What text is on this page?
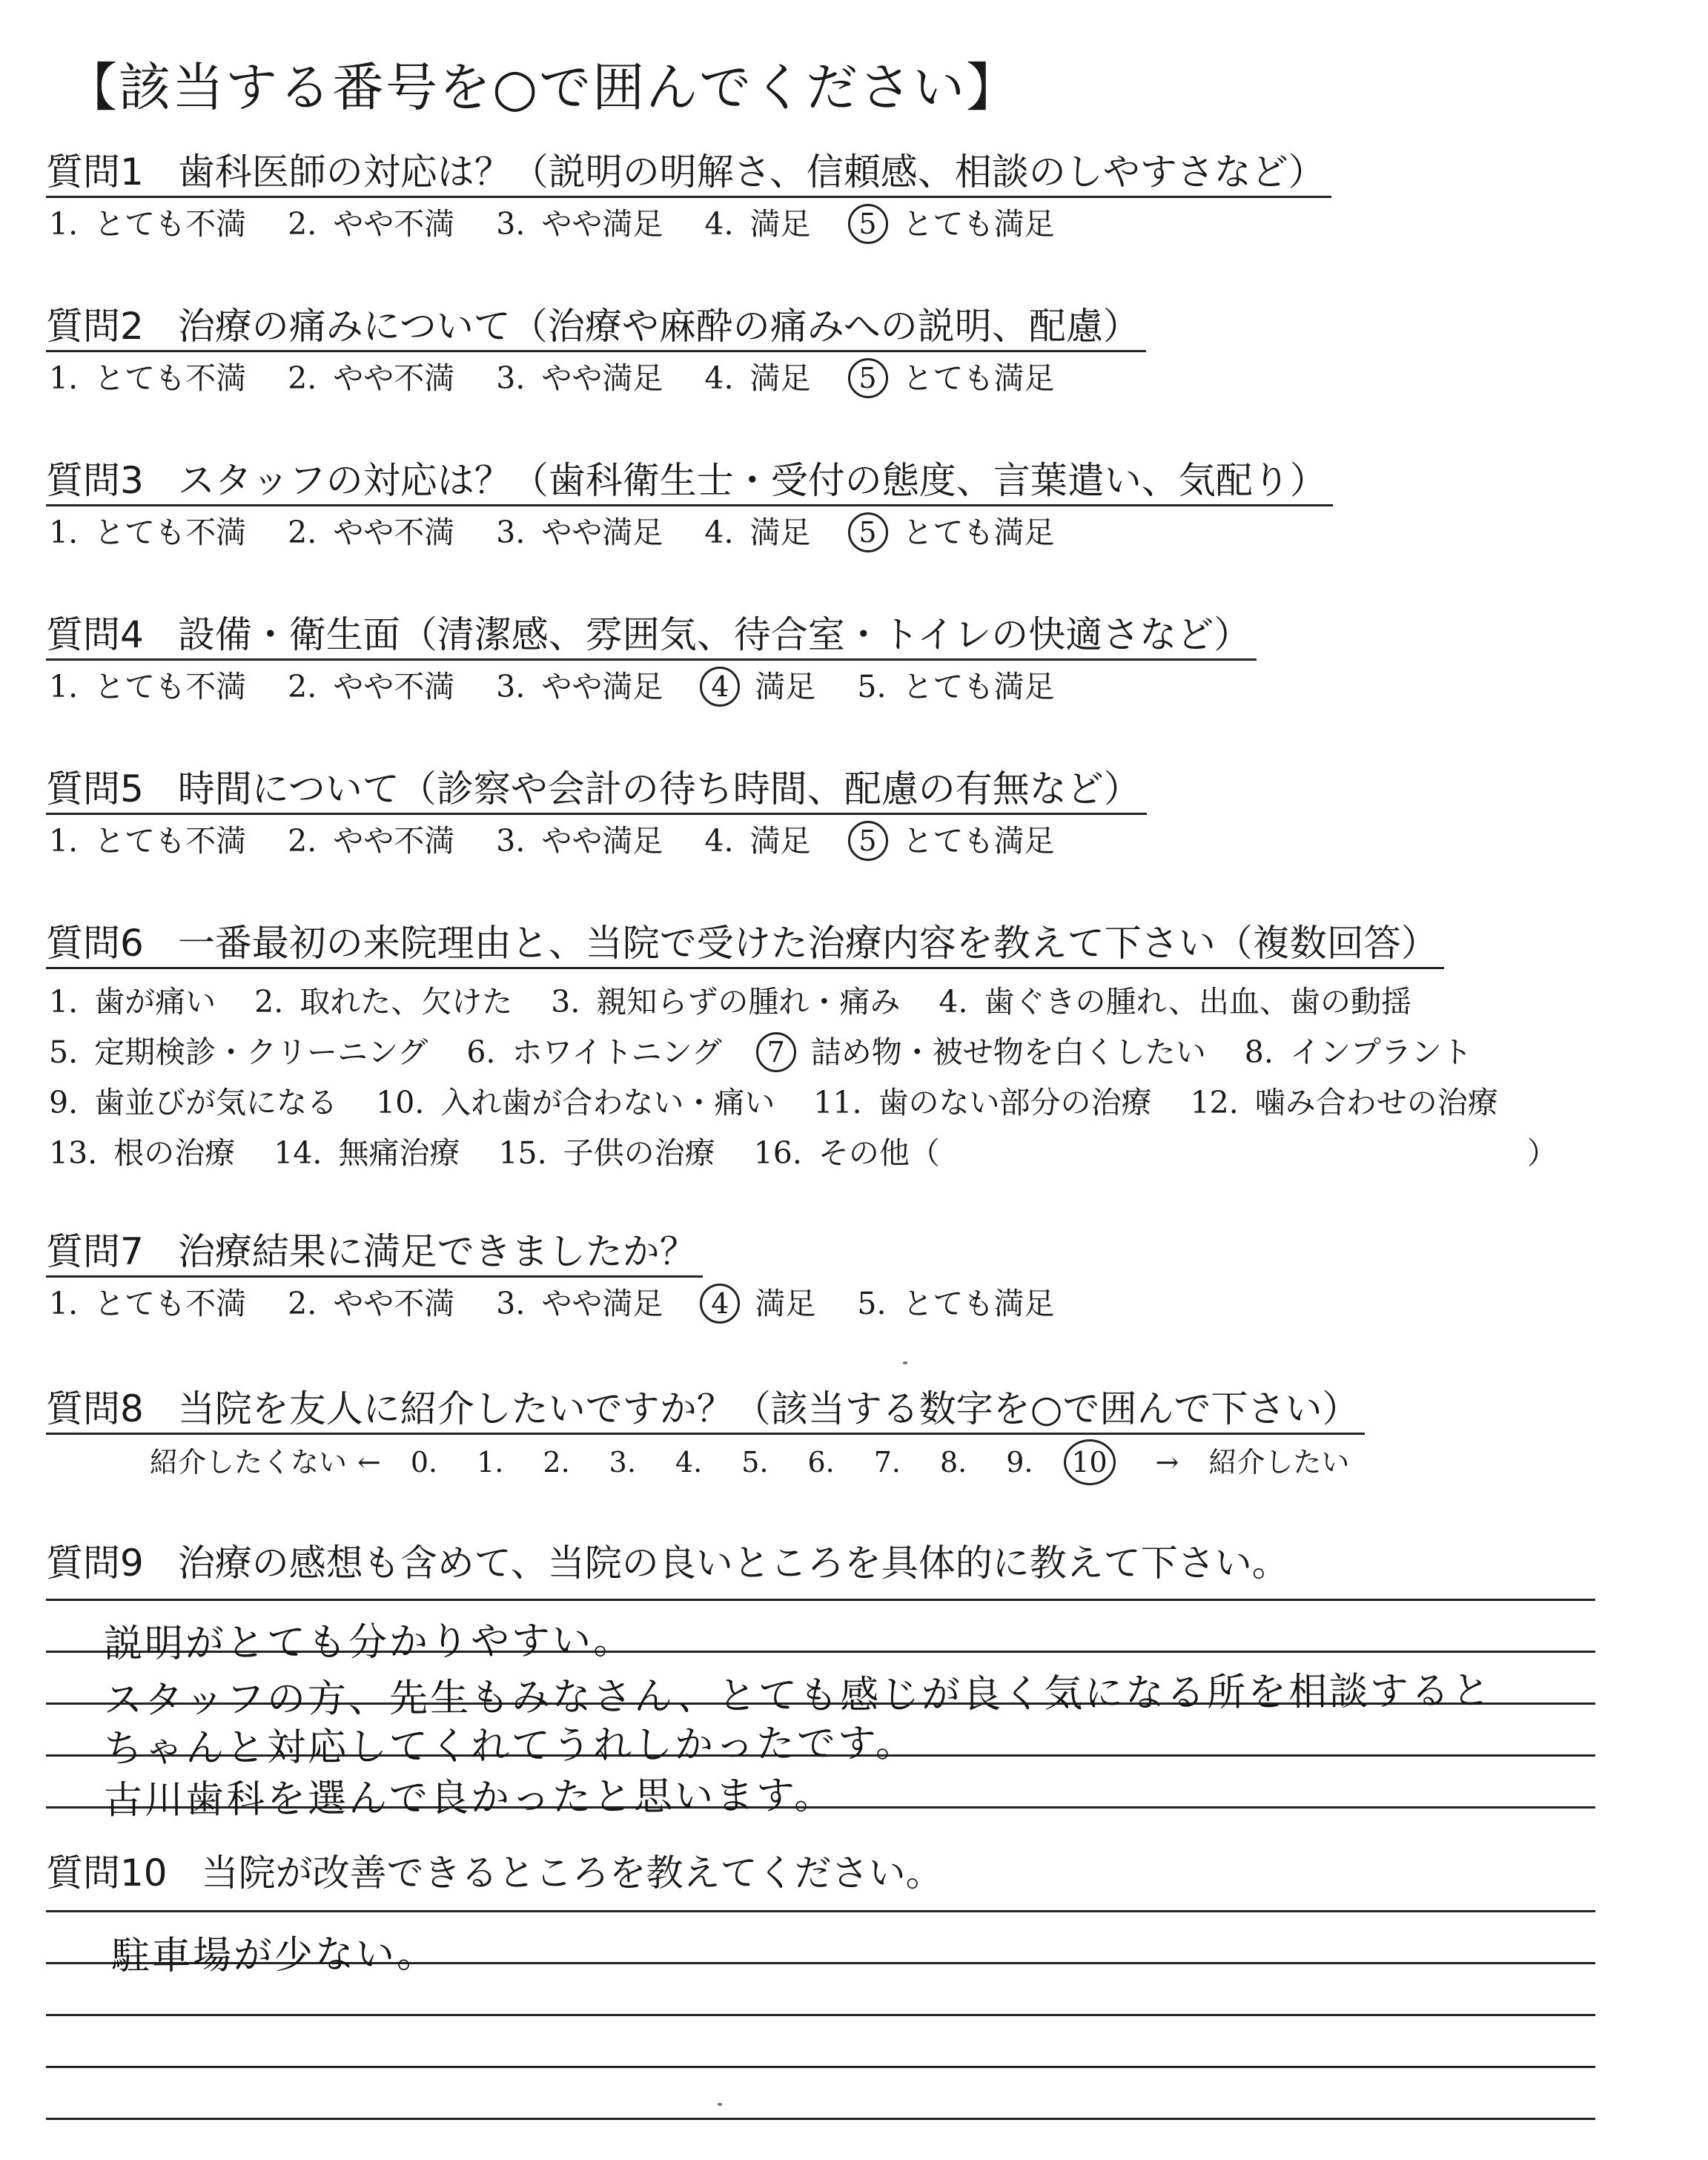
【該当する番号を○で囲んでください】
質問1 歯科医師の対応は？（説明の明解さ、信頼感、相談のしやすさなど）
1. とても不満 2. やや不満 3. やや満足 4. 満足	5 とても満足
質問2 治療の痛みについて（治療や麻酔の痛みへの説明、配慮）
1. とても不満 2. やや不満 3. やや満足 4. 満足	5 とても満足
質問3 スタッフの対応は？（歯科衛生士・受付の態度、言葉遣い、気配り）
1. とても不満 2. やや不満 3. やや満足 4. 満足	5 とても満足
質問4 設備・衛生面（清潔感、雰囲気、待合室・トイレの快適さなど）
1. とても不満 2. やや不満 3. やや満足	4 満足 5. とても満足
質問5 時間について（診察や会計の待ち時間、配慮の有無など）
1. とても不満 2. やや不満 3. やや満足 4. 満足	5 とても満足
質問6 一番最初の来院理由と、当院で受けた治療内容を教えて下さい（複数回答）
1. 歯が痛い 2. 取れた、欠けた 3. 親知らずの腫れ・痛み 4. 歯ぐきの腫れ、出血、歯の動揺
5. 定期検診・クリーニング 6. ホワイトニング	7 詰め物・被せ物を白くしたい 8. インプラント
9. 歯並びが気になる 10. 入れ歯が合わない・痛い 11. 歯のない部分の治療 12. 噛み合わせの治療
13. 根の治療 14. 無痛治療 15. 子供の治療 16. その他（	）
質問7 治療結果に満足できましたか？
1. とても不満 2. やや不満 3. やや満足	4 満足 5. とても満足
質問8 当院を友人に紹介したいですか？（該当する数字を○で囲んで下さい）
紹介したくない ← 0. 1. 2. 3. 4. 5. 6. 7. 8. 9. 10 → 紹介したい
質問9 治療の感想も含めて、当院の良いところを具体的に教えて下さい。
説明がとても分かりやすい。
スタッフの方、先生もみなさん、とても感じが良く気になる所を相談すると
ちゃんと対応してくれてうれしかったです。
古川歯科を選んで良かったと思います。
質問10 当院が改善できるところを教えてください。
駐車場が少ない。
